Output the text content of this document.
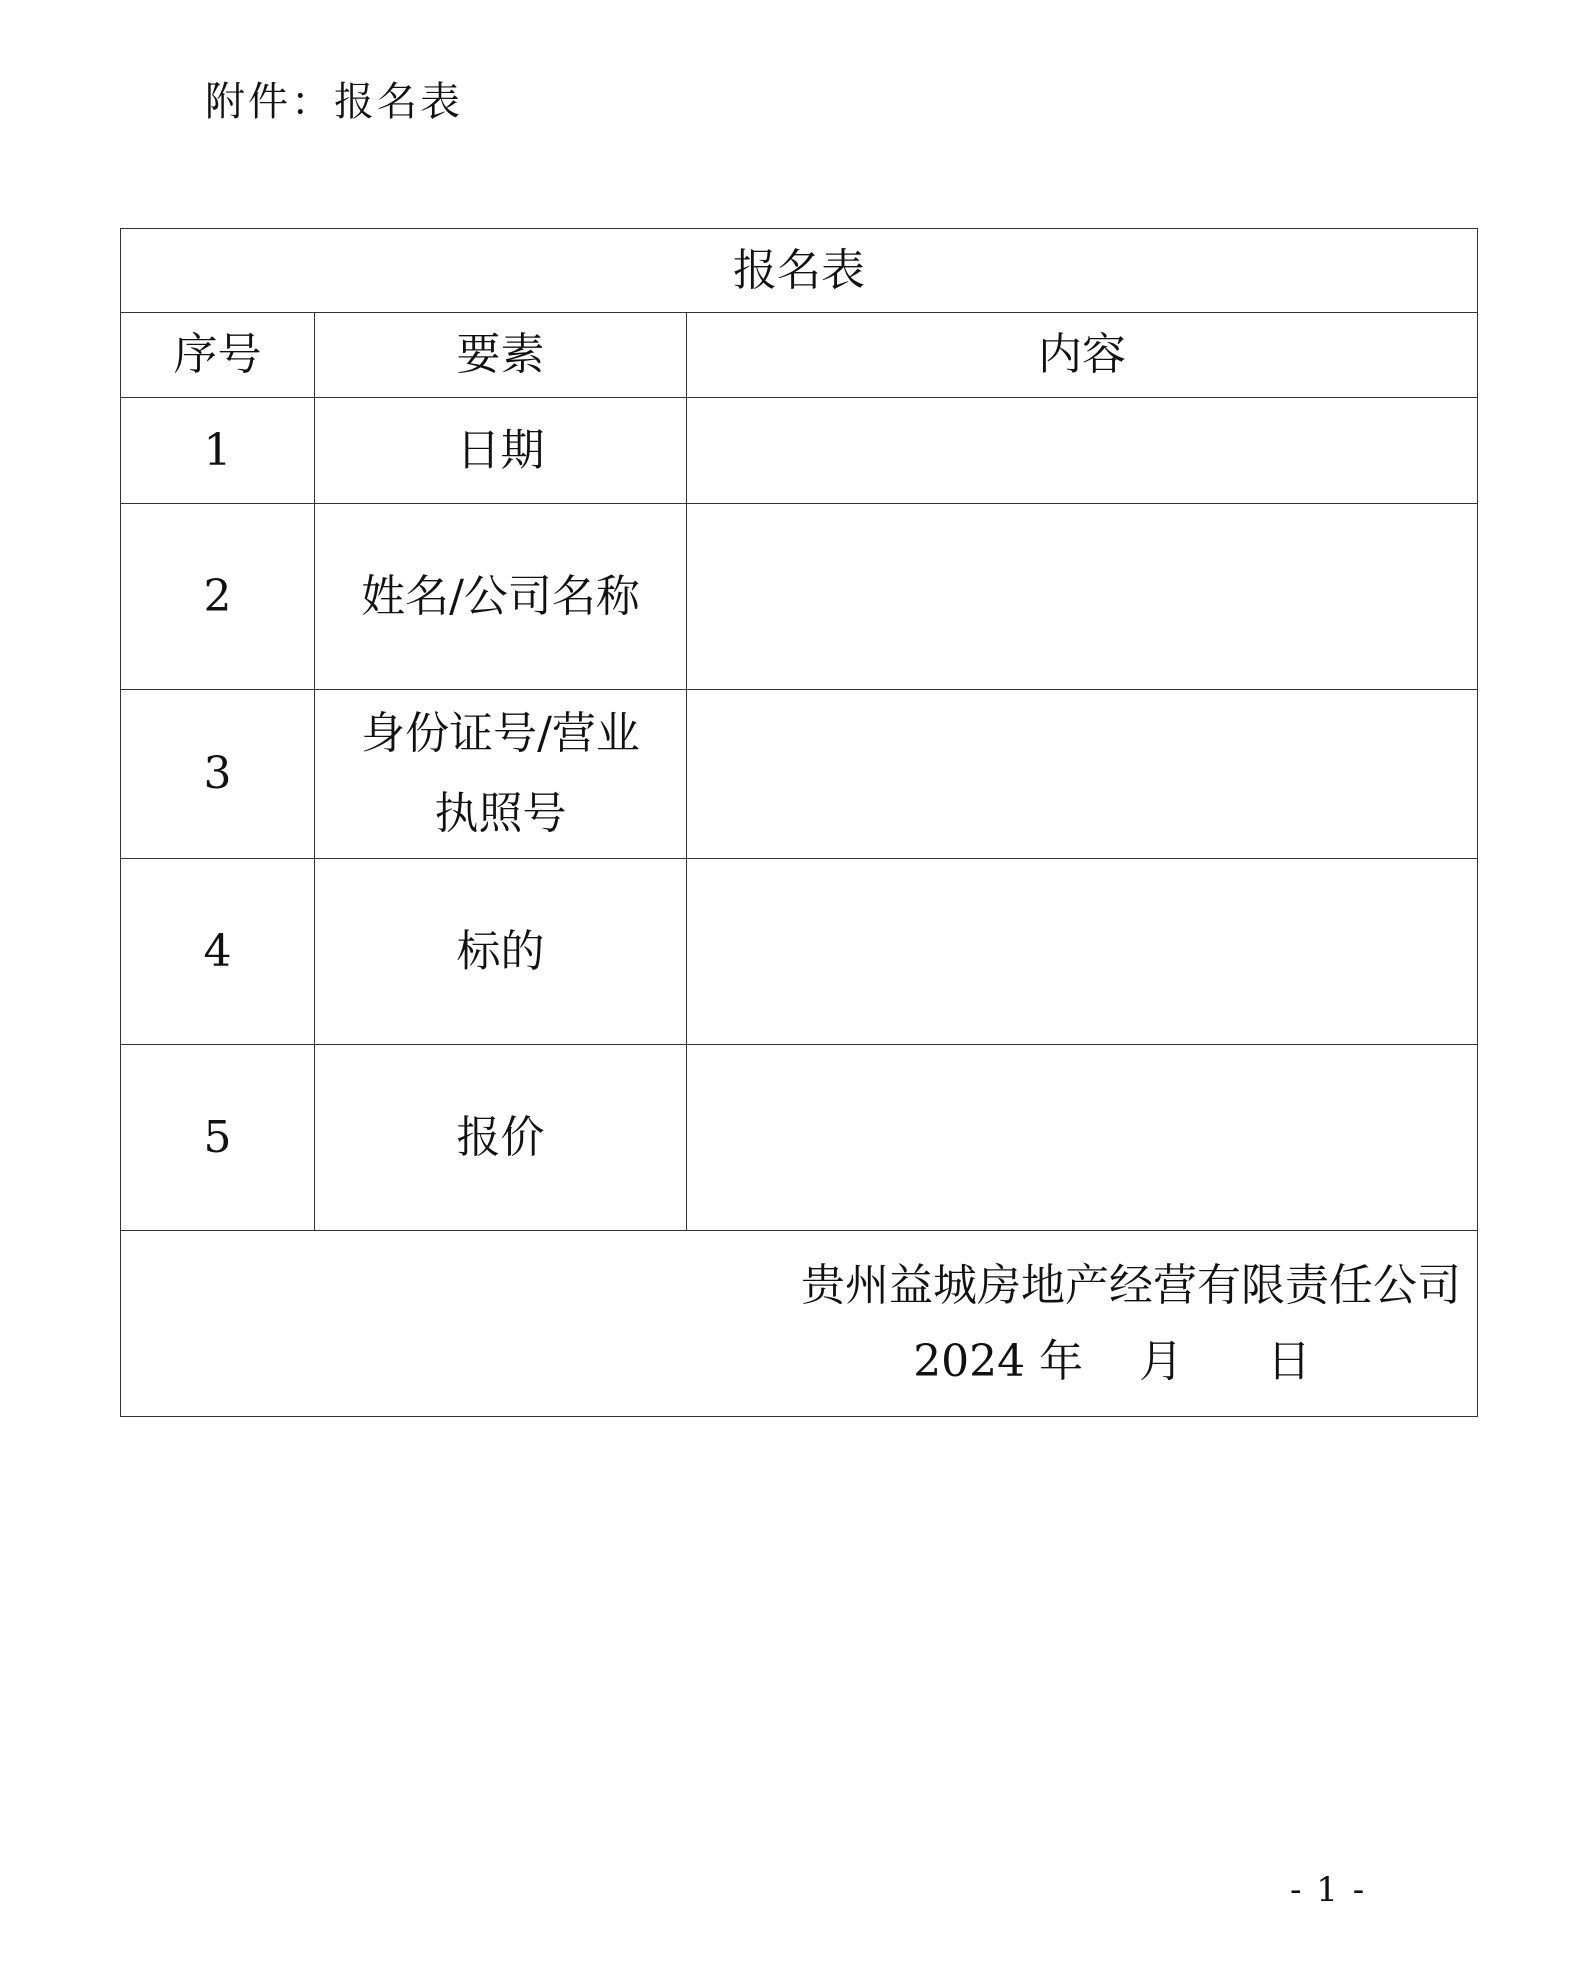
附件：报名表
报名表		
序号	要素	内容
1	日期	
2	姓名/公司名称	
3	身份证号/营业执照号	
4	标的	
5	报价	

贵州益城房地产经营有限责任公司
2024 年    月      日		
- 1 -
